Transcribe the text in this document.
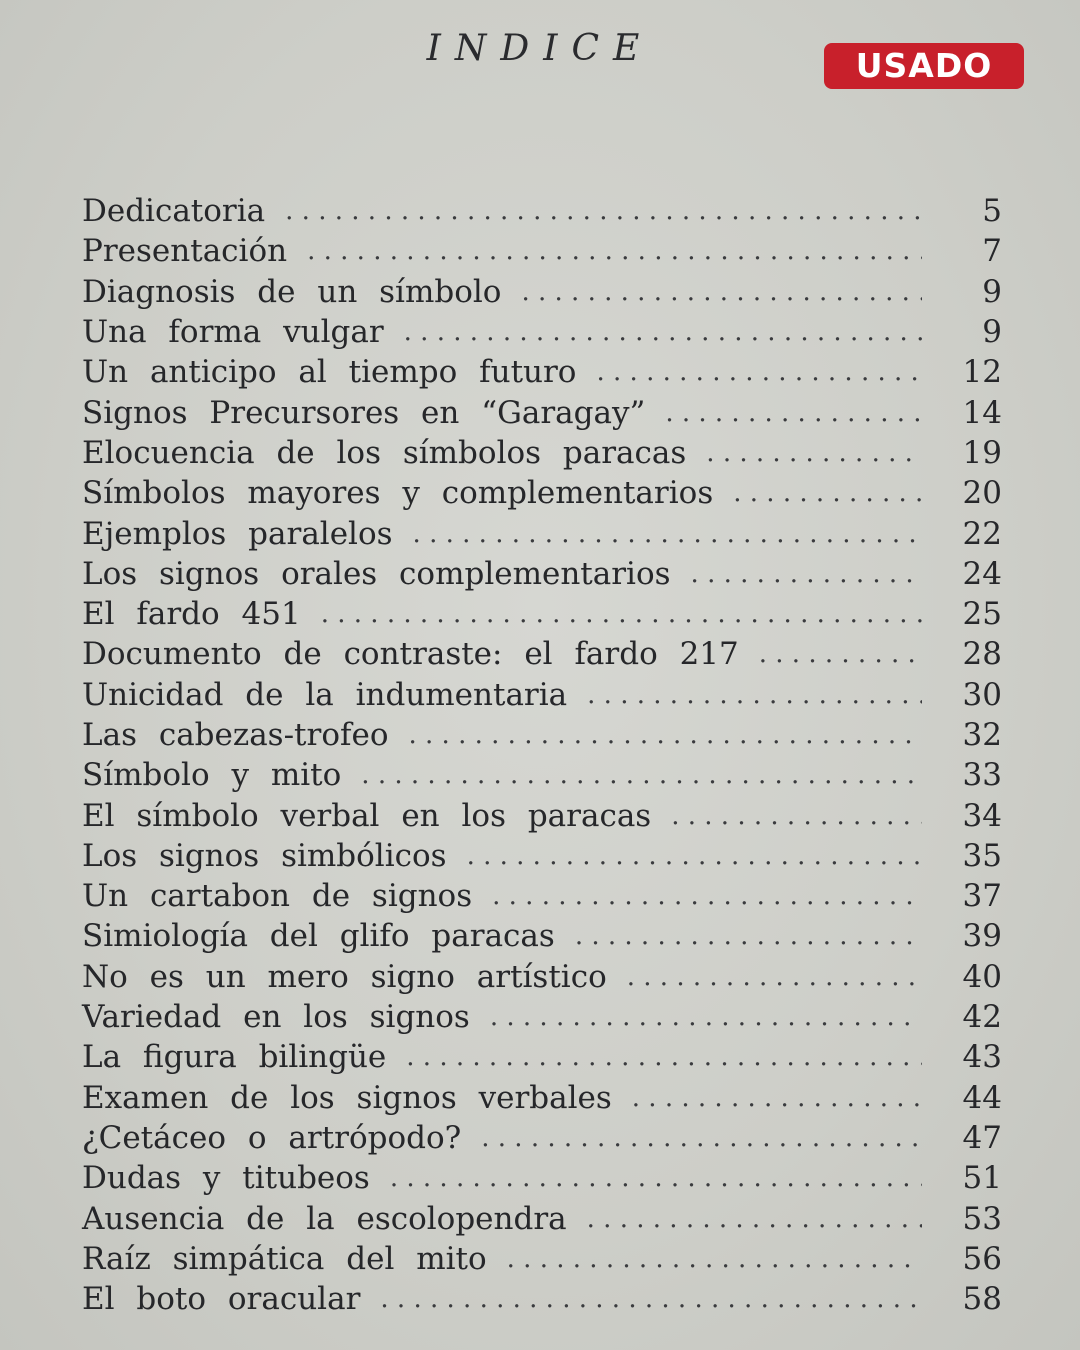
INDICE	USADO
Dedicatoria . . .	5
Presentación . . .	7
Diagnosis de un símbolo . . .	9
Una forma vulgar . . .	9
Un anticipo al tiempo futuro . . .	12
Signos Precursores en “Garagay” . . .	14
Elocuencia de los símbolos paracas . . .	19
Símbolos mayores y complementarios . . .	20
Ejemplos paralelos . . .	22
Los signos orales complementarios . . .	24
El fardo 451 . . .	25
Documento de contraste: el fardo 217 . . .	28
Unicidad de la indumentaria . . .	30
Las cabezas-trofeo . . .	32
Símbolo y mito . . .	33
El símbolo verbal en los paracas . . .	34
Los signos simbólicos . . .	35
Un cartabon de signos . . .	37
Simiología del glifo paracas . . .	39
No es un mero signo artístico . . .	40
Variedad en los signos . . .	42
La figura bilingüe . . .	43
Examen de los signos verbales . . .	44
¿Cetáceo o artrópodo? . . .	47
Dudas y titubeos . . .	51
Ausencia de la escolopendra . . .	53
Raíz simpática del mito . . .	56
El boto oracular . . .	58
